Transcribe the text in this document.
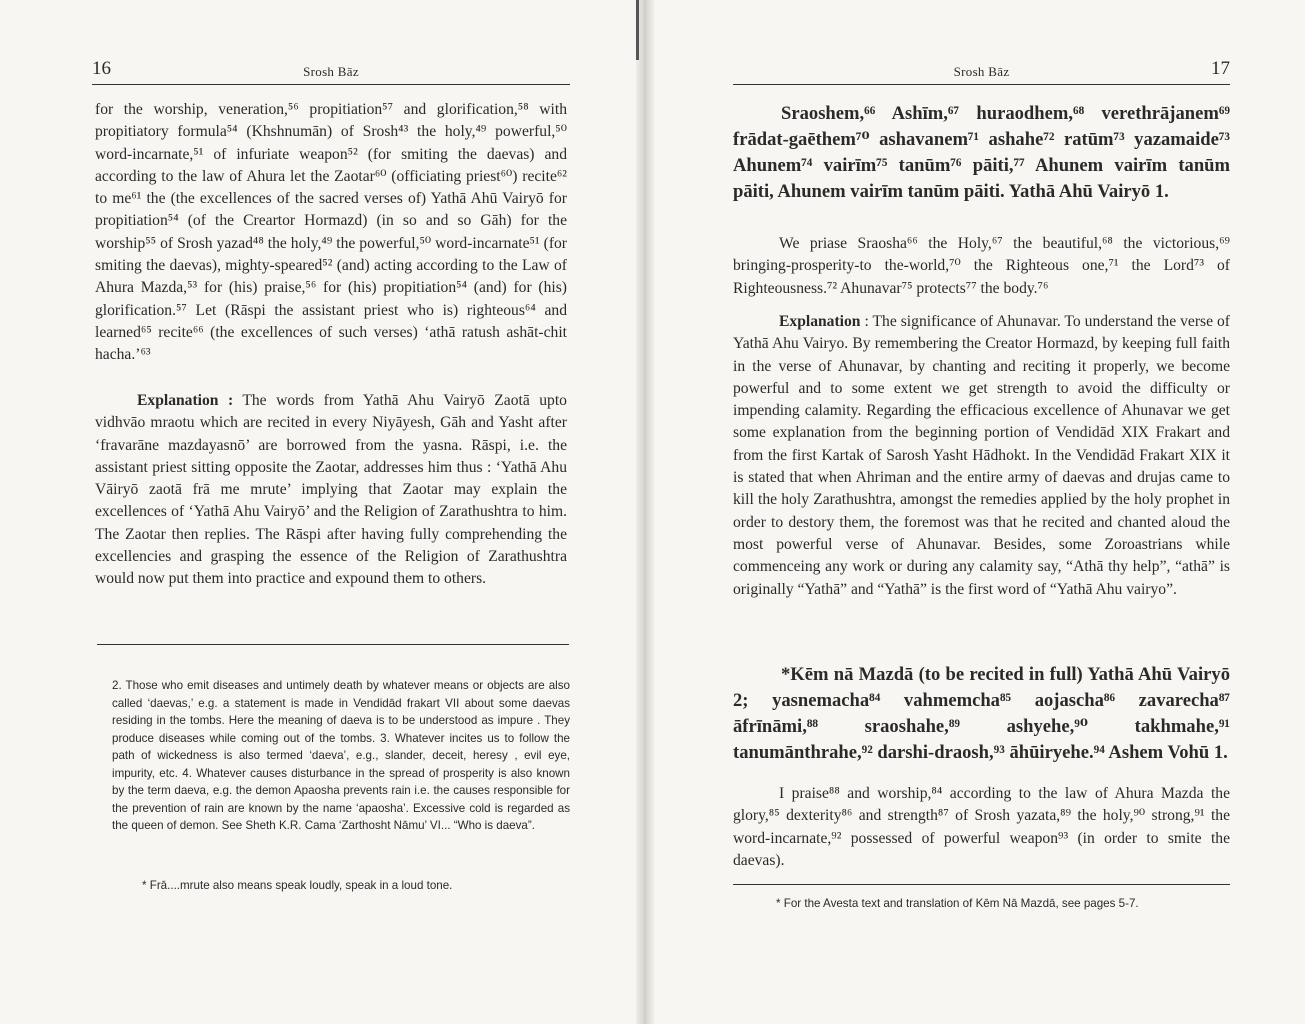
16	Srosh Bāz

for the worship, veneration,⁵⁶ propitiation⁵⁷ and glorification,⁵⁸ with propitiatory formula⁵⁴ (Khshnumān) of Srosh⁴³ the holy,⁴⁹ powerful,⁵⁰ word-incarnate,⁵¹ of infuriate weapon⁵² (for smiting the daevas) and according to the law of Ahura let the Zaotar⁶⁰ (officiating priest⁶⁰) recite⁶² to me⁶¹ the (the excellences of the sacred verses of) Yathā Ahū Vairyō for propitiation⁵⁴ (of the Creartor Hormazd) (in so and so Gāh) for the worship⁵⁵ of Srosh yazad⁴⁸ the holy,⁴⁹ the powerful,⁵⁰ word-incarnate⁵¹ (for smiting the daevas), mighty-speared⁵² (and) acting according to the Law of Ahura Mazda,⁵³ for (his) praise,⁵⁶ for (his) propitiation⁵⁴ (and) for (his) glorification.⁵⁷ Let (Rāspi the assistant priest who is) righteous⁶⁴ and learned⁶⁵ recite⁶⁶ (the excellences of such verses) ‘athā ratush ashāt-chit hacha.’⁶³

Explanation : The words from Yathā Ahu Vairyō Zaotā upto vidhvāo mraotu which are recited in every Niyāyesh, Gāh and Yasht after ‘fravarāne mazdayasnō’ are borrowed from the yasna. Rāspi, i.e. the assistant priest sitting opposite the Zaotar, addresses him thus : ‘Yathā Ahu Vāiryō zaotā frā me mrute’ implying that Zaotar may explain the excellences of ‘Yathā Ahu Vairyō’ and the Religion of Zarathushtra to him. The Zaotar then replies. The Rāspi after having fully comprehending the excellencies and grasping the essence of the Religion of Zarathushtra would now put them into practice and expound them to others.

2. Those who emit diseases and untimely death by whatever means or objects are also called ‘daevas,’ e.g. a statement is made in Vendidād frakart VII about some daevas residing in the tombs. Here the meaning of daeva is to be understood as impure . They produce diseases while coming out of the tombs. 3. Whatever incites us to follow the path of wickedness is also termed ‘daeva’, e.g., slander, deceit, heresy , evil eye, impurity, etc. 4. Whatever causes disturbance in the spread of prosperity is also known by the term daeva, e.g. the demon Apaosha prevents rain i.e. the causes responsible for the prevention of rain are known by the name ‘apaosha’. Excessive cold is regarded as the queen of demon. See Sheth K.R. Cama ‘Zarthosht Nāmu’ VI... “Who is daeva”.
* Frā....mrute also means speak loudly, speak in a loud tone.
Srosh Bāz	17
Sraoshem,⁶⁶ Ashīm,⁶⁷ huraodhem,⁶⁸ verethrājanem⁶⁹ frādat-gaēthem⁷⁰ ashavanem⁷¹ ashahe⁷² ratūm⁷³ yazamaide⁷³ Ahunem⁷⁴ vairīm⁷⁵ tanūm⁷⁶ pāiti,⁷⁷ Ahunem vairīm tanūm pāiti, Ahunem vairīm tanūm pāiti. Yathā Ahū Vairyō 1.
We priase Sraosha⁶⁶ the Holy,⁶⁷ the beautiful,⁶⁸ the victorious,⁶⁹ bringing-prosperity-to the-world,⁷⁰ the Righteous one,⁷¹ the Lord⁷³ of Righteousness.⁷² Ahunavar⁷⁵ protects⁷⁷ the body.⁷⁶

Explanation : The significance of Ahunavar. To understand the verse of Yathā Ahu Vairyo. By remembering the Creator Hormazd, by keeping full faith in the verse of Ahunavar, by chanting and reciting it properly, we become powerful and to some extent we get strength to avoid the difficulty or impending calamity. Regarding the efficacious excellence of Ahunavar we get some explanation from the beginning portion of Vendidād XIX Frakart and from the first Kartak of Sarosh Yasht Hādhokt. In the Vendidād Frakart XIX it is stated that when Ahriman and the entire army of daevas and drujas came to kill the holy Zarathushtra, amongst the remedies applied by the holy prophet in order to destory them, the foremost was that he recited and chanted aloud the most powerful verse of Ahunavar. Besides, some Zoroastrians while commenceing any work or during any calamity say, “Athā thy help”, “athā” is originally “Yathā” and “Yathā” is the first word of “Yathā Ahu vairyo”.

*Kēm nā Mazdā (to be recited in full) Yathā Ahū Vairyō 2; yasnemacha⁸⁴ vahmemcha⁸⁵ aojascha⁸⁶ zavarecha⁸⁷ āfrīnāmi,⁸⁸ sraoshahe,⁸⁹ ashyehe,⁹⁰ takhmahe,⁹¹ tanumānthrahe,⁹² darshi-draosh,⁹³ āhūiryehe.⁹⁴ Ashem Vohū 1.
I praise⁸⁸ and worship,⁸⁴ according to the law of Ahura Mazda the glory,⁸⁵ dexterity⁸⁶ and strength⁸⁷ of Srosh yazata,⁸⁹ the holy,⁹⁰ strong,⁹¹ the word-incarnate,⁹² possessed of powerful weapon⁹³ (in order to smite the daevas).
* For the Avesta text and translation of Kēm Nā Mazdā, see pages 5-7.
